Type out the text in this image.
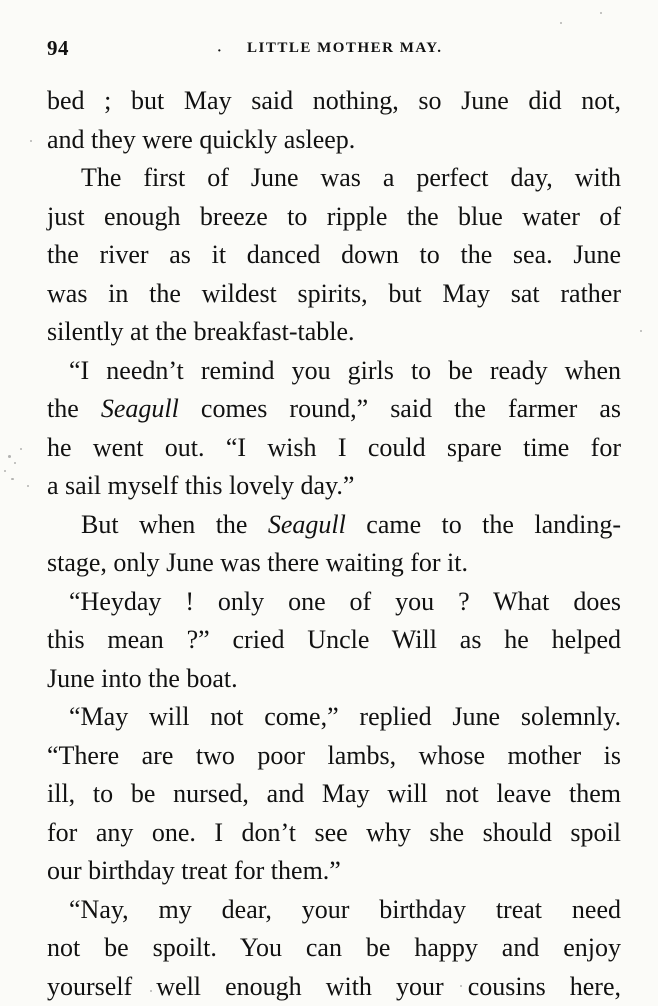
94	· LITTLE MOTHER MAY.
bed ; but May said nothing, so June did not,
and they were quickly asleep.
The first of June was a perfect day, with
just enough breeze to ripple the blue water of
the river as it danced down to the sea. June
was in the wildest spirits, but May sat rather
silently at the breakfast-table.
“I needn’t remind you girls to be ready when
the Seagull comes round,” said the farmer as
he went out. “I wish I could spare time for
a sail myself this lovely day.”
But when the Seagull came to the landing-
stage, only June was there waiting for it.
“Heyday ! only one of you ? What does
this mean ?” cried Uncle Will as he helped
June into the boat.
“May will not come,” replied June solemnly.
“There are two poor lambs, whose mother is
ill, to be nursed, and May will not leave them
for any one. I don’t see why she should spoil
our birthday treat for them.”
“Nay, my dear, your birthday treat need
not be spoilt. You can be happy and enjoy
yourself well enough with your cousins here,
